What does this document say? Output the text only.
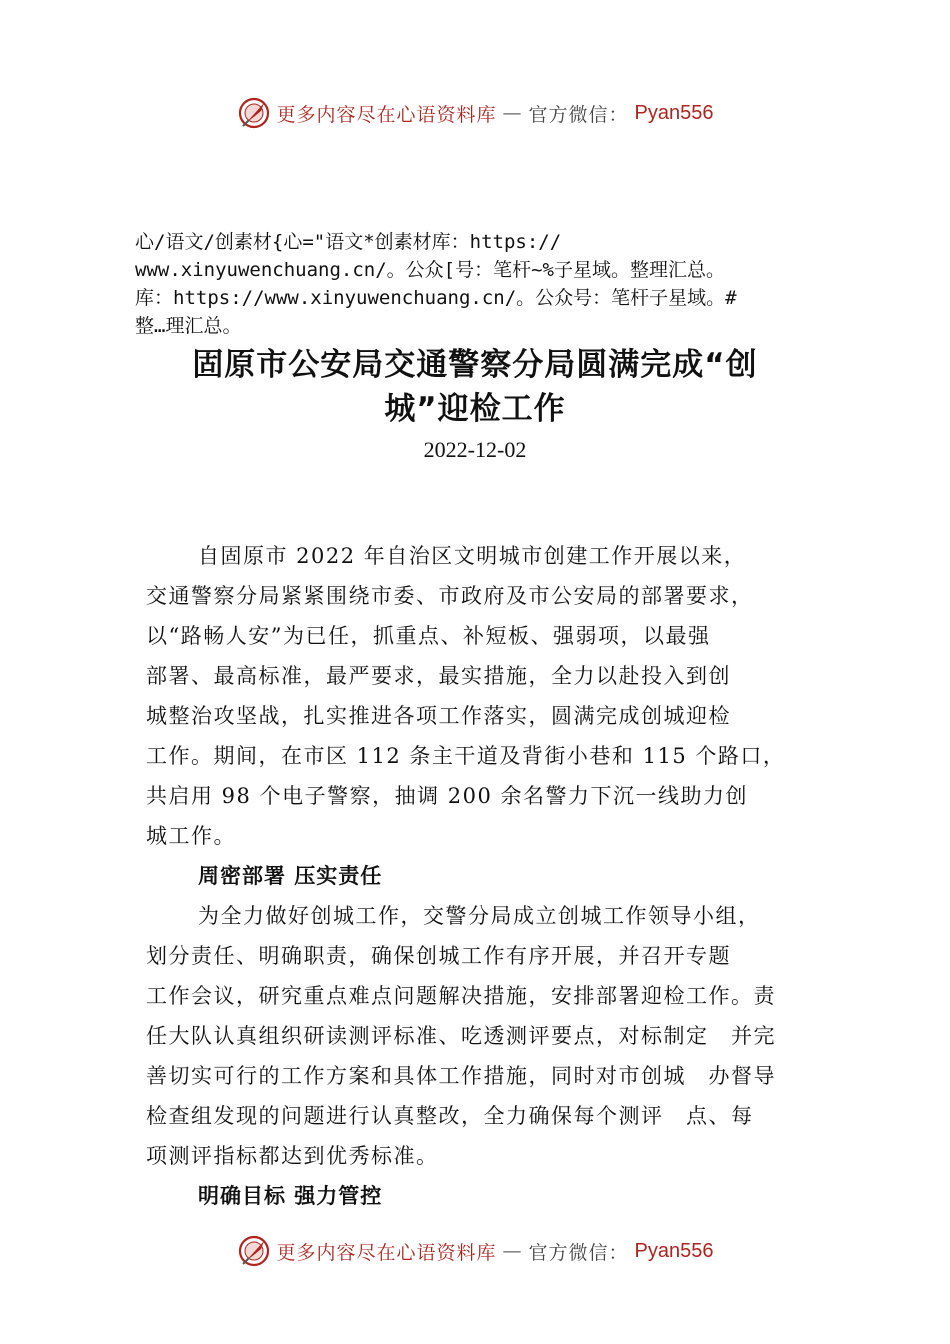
更多内容尽在心语资料库 — 官方微信： Pyan556
心/语文/创素材{心="语文*创素材库：https://
www.xinyuwenchuang.cn/。公众[号：笔杆~%子星域。整理汇总。
库：https://www.xinyuwenchuang.cn/。公众号：笔杆子星域。#
整…理汇总。
固原市公安局交通警察分局圆满完成“创
城”迎检工作
2022-12-02
自固原市 2022 年自治区文明城市创建工作开展以来，
交通警察分局紧紧围绕市委、市政府及市公安局的部署要求，
以“路畅人安”为已任，抓重点、补短板、强弱项，以最强
部署、最高标准，最严要求，最实措施，全力以赴投入到创
城整治攻坚战，扎实推进各项工作落实，圆满完成创城迎检
工作。期间，在市区 112 条主干道及背街小巷和 115 个路口，
共启用 98 个电子警察，抽调 200 余名警力下沉一线助力创
城工作。
周密部署 压实责任
为全力做好创城工作，交警分局成立创城工作领导小组，
划分责任、明确职责，确保创城工作有序开展，并召开专题
工作会议，研究重点难点问题解决措施，安排部署迎检工作。责
任大队认真组织研读测评标准、吃透测评要点，对标制定　并完
善切实可行的工作方案和具体工作措施，同时对市创城　办督导
检查组发现的问题进行认真整改，全力确保每个测评　点、每
项测评指标都达到优秀标准。
明确目标 强力管控
更多内容尽在心语资料库 — 官方微信： Pyan556
